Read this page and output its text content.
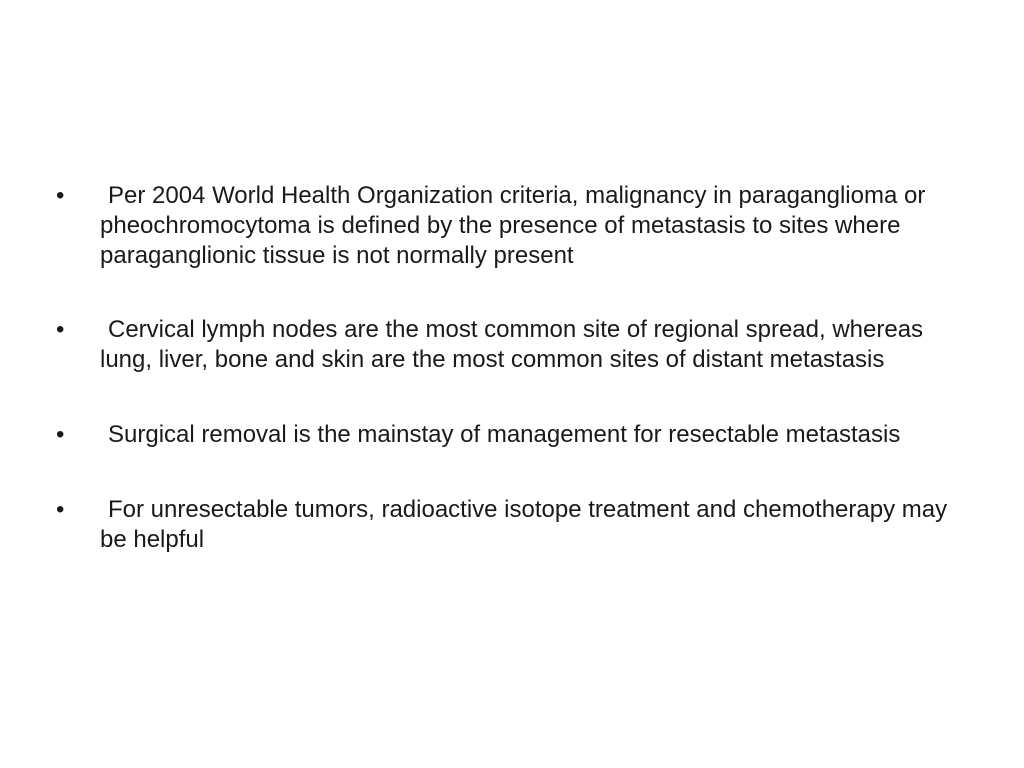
•	Per 2004 World Health Organization criteria, malignancy in paraganglioma or pheochromocytoma is defined by the presence of metastasis to sites where paraganglionic tissue is not normally present
•	Cervical lymph nodes are the most common site of regional spread, whereas lung, liver, bone and skin are the most common sites of distant metastasis
•	Surgical removal is the mainstay of management for resectable metastasis
•	For unresectable tumors, radioactive isotope treatment and chemotherapy may be helpful
